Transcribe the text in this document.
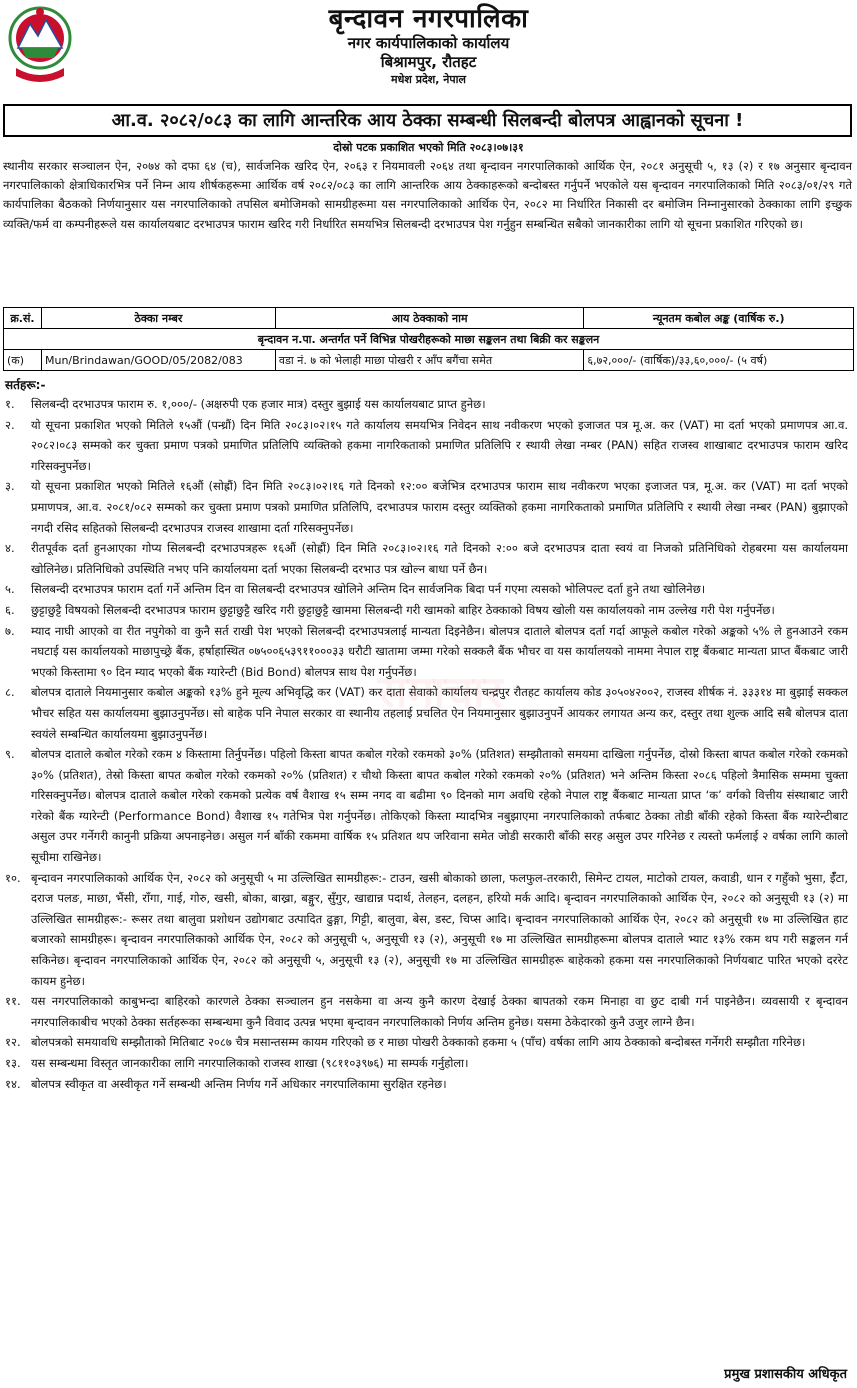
बृन्दावन नगरपालिका
नगर कार्यपालिकाको कार्यालय
बिश्रामपुर, रौतहट
मधेश प्रदेश, नेपाल
आ.व. २०८२/०८३ का लागि आन्तरिक आय ठेक्का सम्बन्धी सिलबन्दी बोलपत्र आह्वानको सूचना !
दोस्रो पटक प्रकाशित भएको मिति २०८३।०७।३१

स्थानीय सरकार सञ्चालन ऐन, २०७४ को दफा ६४ (च), सार्वजनिक खरिद ऐन, २०६३ र नियमावली २०६४ तथा बृन्दावन नगरपालिकाको आर्थिक ऐन, २०८१ अनुसूची ५, १३ (२) र १७ अनुसार बृन्दावन नगरपालिकाको क्षेत्राधिकारभित्र पर्ने निम्न आय शीर्षकहरूमा आर्थिक वर्ष २०८२/०८३ का लागि आन्तरिक आय ठेक्काहरूको बन्दोबस्त गर्नुपर्ने भएकोले यस बृन्दावन नगरपालिकाको मिति २०८३/०१/२९ गते कार्यपालिका बैठकको निर्णयानुसार यस नगरपालिकाको तपसिल बमोजिमको सामग्रीहरूमा यस नगरपालिकाको आर्थिक ऐन, २०८२ मा निर्धारित निकासी दर बमोजिम निम्नानुसारको ठेक्काका लागि इच्छुक व्यक्ति/फर्म वा कम्पनीहरूले यस कार्यालयबाट दरभाउपत्र फाराम खरिद गरी निर्धारित समयभित्र सिलबन्दी दरभाउपत्र पेश गर्नुहुन सम्बन्धित सबैको जानकारीका लागि यो सूचना प्रकाशित गरिएको छ।

क्र.सं.	ठेक्का नम्बर	आय ठेक्काको नाम	न्यूनतम कबोल अङ्क (वार्षिक रु.)
बृन्दावन न.पा. अन्तर्गत पर्ने विभिन्न पोखरीहरूको माछा सङ्कलन तथा बिक्री कर सङ्कलन			
(क)	Mun/Brindawan/GOOD/05/2082/083	वडा नं. ७ को भेलाही माछा पोखरी र आँप बगैंचा समेत	६,७२,०००/- (वार्षिक)/३३,६०,०००/- (५ वर्ष)
सर्तहरू:-
१. सिलबन्दी दरभाउपत्र फाराम रु. १,०००/- (अक्षरुपी एक हजार मात्र) दस्तुर बुझाई यस कार्यालयबाट प्राप्त हुनेछ।
२. यो सूचना प्रकाशित भएको मितिले १५औं (पन्ध्रौं) दिन मिति २०८३।०२।१५ गते कार्यालय समयभित्र निवेदन साथ नवीकरण भएको इजाजत पत्र मू.अ. कर (VAT) मा दर्ता भएको प्रमाणपत्र आ.व. २०८२।०८३ सम्मको कर चुक्ता प्रमाण पत्रको प्रमाणित प्रतिलिपि व्यक्तिको हकमा नागरिकताको प्रमाणित प्रतिलिपि र स्थायी लेखा नम्बर (PAN) सहित राजस्व शाखाबाट दरभाउपत्र फाराम खरिद गरिसक्नुपर्नेछ।
३. यो सूचना प्रकाशित भएको मितिले १६औं (सोह्रौं) दिन मिति २०८३।०२।१६ गते दिनको १२:०० बजेभित्र दरभाउपत्र फाराम साथ नवीकरण भएका इजाजत पत्र, मू.अ. कर (VAT) मा दर्ता भएको प्रमाणपत्र, आ.व. २०८१/०८२ सम्मको कर चुक्ता प्रमाण पत्रको प्रमाणित प्रतिलिपि, दरभाउपत्र फाराम दस्तुर व्यक्तिको हकमा नागरिकताको प्रमाणित प्रतिलिपि र स्थायी लेखा नम्बर (PAN) बुझाएको नगदी रसिद सहितको सिलबन्दी दरभाउपत्र राजस्व शाखामा दर्ता गरिसक्नुपर्नेछ।
४. रीतपूर्वक दर्ता हुनआएका गोप्य सिलबन्दी दरभाउपत्रहरू १६औं (सोह्रौं) दिन मिति २०८३।०२।१६ गते दिनको २:०० बजे दरभाउपत्र दाता स्वयं वा निजको प्रतिनिधिको रोहबरमा यस कार्यालयमा खोलिनेछ। प्रतिनिधिको उपस्थिति नभए पनि कार्यालयमा दर्ता भएका सिलबन्दी दरभाउ पत्र खोल्न बाधा पर्ने छैन।
५. सिलबन्दी दरभाउपत्र फाराम दर्ता गर्ने अन्तिम दिन वा सिलबन्दी दरभाउपत्र खोलिने अन्तिम दिन सार्वजनिक बिदा पर्न गएमा त्यसको भोलिपल्ट दर्ता हुने तथा खोलिनेछ।
६. छुट्टाछुट्टै विषयको सिलबन्दी दरभाउपत्र फाराम छुट्टाछुट्टै खरिद गरी छुट्टाछुट्टै खाममा सिलबन्दी गरी खामको बाहिर ठेक्काको विषय खोली यस कार्यालयको नाम उल्लेख गरी पेश गर्नुपर्नेछ।
७. म्याद नाघी आएको वा रीत नपुगेको वा कुनै सर्त राखी पेश भएको सिलबन्दी दरभाउपत्रलाई मान्यता दिइनेछैन। बोलपत्र दाताले बोलपत्र दर्ता गर्दा आफूले कबोल गरेको अङ्कको ५% ले हुनआउने रकम नघटाई यस कार्यालयको माछापुच्छ्रे बैंक, हर्षाहास्थित ०७५००६५३९११०००३३ धरौटी खातामा जम्मा गरेको सक्कलै बैंक भौचर वा यस कार्यालयको नाममा नेपाल राष्ट्र बैंकबाट मान्यता प्राप्त बैंकबाट जारी भएको किस्तामा ९० दिन म्याद भएको बैंक ग्यारेन्टी (Bid Bond) बोलपत्र साथ पेश गर्नुपर्नेछ।
८. बोलपत्र दाताले नियमानुसार कबोल अङ्कको १३% हुने मूल्य अभिवृद्धि कर (VAT) कर दाता सेवाको कार्यालय चन्द्रपुर रौतहट कार्यालय कोड ३०५०४२००२, राजस्व शीर्षक नं. ३३३१४ मा बुझाई सक्कल भौचर सहित यस कार्यालयमा बुझाउनुपर्नेछ। सो बाहेक पनि नेपाल सरकार वा स्थानीय तहलाई प्रचलित ऐन नियमानुसार बुझाउनुपर्ने आयकर लगायत अन्य कर, दस्तुर तथा शुल्क आदि सबै बोलपत्र दाता स्वयंले सम्बन्धित कार्यालयमा बुझाउनुपर्नेछ।
९. बोलपत्र दाताले कबोल गरेको रकम ४ किस्तामा तिर्नुपर्नेछ। पहिलो किस्ता बापत कबोल गरेको रकमको ३०% (प्रतिशत) सम्झौताको समयमा दाखिला गर्नुपर्नेछ, दोस्रो किस्ता बापत कबोल गरेको रकमको ३०% (प्रतिशत), तेस्रो किस्ता बापत कबोल गरेको रकमको २०% (प्रतिशत) र चौथो किस्ता बापत कबोल गरेको रकमको २०% (प्रतिशत) भने अन्तिम किस्ता २०८६ पहिलो त्रैमासिक सम्ममा चुक्ता गरिसक्नुपर्नेछ। बोलपत्र दाताले कबोल गरेको रकमको प्रत्येक वर्ष वैशाख १५ सम्म नगद वा बढीमा ९० दिनको माग अवधि रहेको नेपाल राष्ट्र बैंकबाट मान्यता प्राप्त ‘क’ वर्गको वित्तीय संस्थाबाट जारी गरेको बैंक ग्यारेन्टी (Performance Bond) वैशाख १५ गतेभित्र पेश गर्नुपर्नेछ। तोकिएको किस्ता म्यादभित्र नबुझाएमा नगरपालिकाको तर्फबाट ठेक्का तोडी बाँकी रहेको किस्ता बैंक ग्यारेन्टीबाट असुल उपर गर्नेगरी कानुनी प्रक्रिया अपनाइनेछ। असुल गर्न बाँकी रकममा वार्षिक १५ प्रतिशत थप जरिवाना समेत जोडी सरकारी बाँकी सरह असुल उपर गरिनेछ र त्यस्तो फर्मलाई २ वर्षका लागि कालो सूचीमा राखिनेछ।
१०. बृन्दावन नगरपालिकाको आर्थिक ऐन, २०८२ को अनुसूची ५ मा उल्लिखित सामग्रीहरू:- टाउन, खसी बोकाको छाला, फलफुल-तरकारी, सिमेन्ट टायल, माटोको टायल, कवाडी, धान र गहुँको भुसा, ईँटा, दराज पलङ, माछा, भैंसी, राँगा, गाई, गोरु, खसी, बोका, बाख्रा, बङ्गुर, सुँगुर, खाद्यान्न पदार्थ, तेलहन, दलहन, हरियो मर्क आदि। बृन्दावन नगरपालिकाको आर्थिक ऐन, २०८२ को अनुसूची १३ (२) मा उल्लिखित सामग्रीहरू:- रूसर तथा बालुवा प्रशोधन उद्योगबाट उत्पादित ढुङ्गा, गिट्टी, बालुवा, बेस, डस्ट, चिप्स आदि। बृन्दावन नगरपालिकाको आर्थिक ऐन, २०८२ को अनुसूची १७ मा उल्लिखित हाट बजारको सामग्रीहरू। बृन्दावन नगरपालिकाको आर्थिक ऐन, २०८२ को अनुसूची ५, अनुसूची १३ (२), अनुसूची १७ मा उल्लिखित सामग्रीहरूमा बोलपत्र दाताले भ्याट १३% रकम थप गरी सङ्कलन गर्न सकिनेछ। बृन्दावन नगरपालिकाको आर्थिक ऐन, २०८२ को अनुसूची ५, अनुसूची १३ (२), अनुसूची १७ मा उल्लिखित सामग्रीहरू बाहेकको हकमा यस नगरपालिकाको निर्णयबाट पारित भएको दररेट कायम हुनेछ।
११. यस नगरपालिकाको काबुभन्दा बाहिरको कारणले ठेक्का सञ्चालन हुन नसकेमा वा अन्य कुनै कारण देखाई ठेक्का बापतको रकम मिनाहा वा छुट दाबी गर्न पाइनेछैन। व्यवसायी र बृन्दावन नगरपालिकाबीच भएको ठेक्का सर्तहरूका सम्बन्धमा कुनै विवाद उत्पन्न भएमा बृन्दावन नगरपालिकाको निर्णय अन्तिम हुनेछ। यसमा ठेकेदारको कुनै उजुर लाग्ने छैन।
१२. बोलपत्रको समयावधि सम्झौताको मितिबाट २०८७ चैत्र मसान्तसम्म कायम गरिएको छ र माछा पोखरी ठेक्काको हकमा ५ (पाँच) वर्षका लागि आय ठेक्काको बन्दोबस्त गर्नेगरी सम्झौता गरिनेछ।
१३. यस सम्बन्धमा विस्तृत जानकारीका लागि नगरपालिकाको राजस्व शाखा (९८११०३९७६) मा सम्पर्क गर्नुहोला।
१४. बोलपत्र स्वीकृत वा अस्वीकृत गर्ने सम्बन्धी अन्तिम निर्णय गर्ने अधिकार नगरपालिकामा सुरक्षित रहनेछ।
समाचार
प्रमुख प्रशासकीय अधिकृत
